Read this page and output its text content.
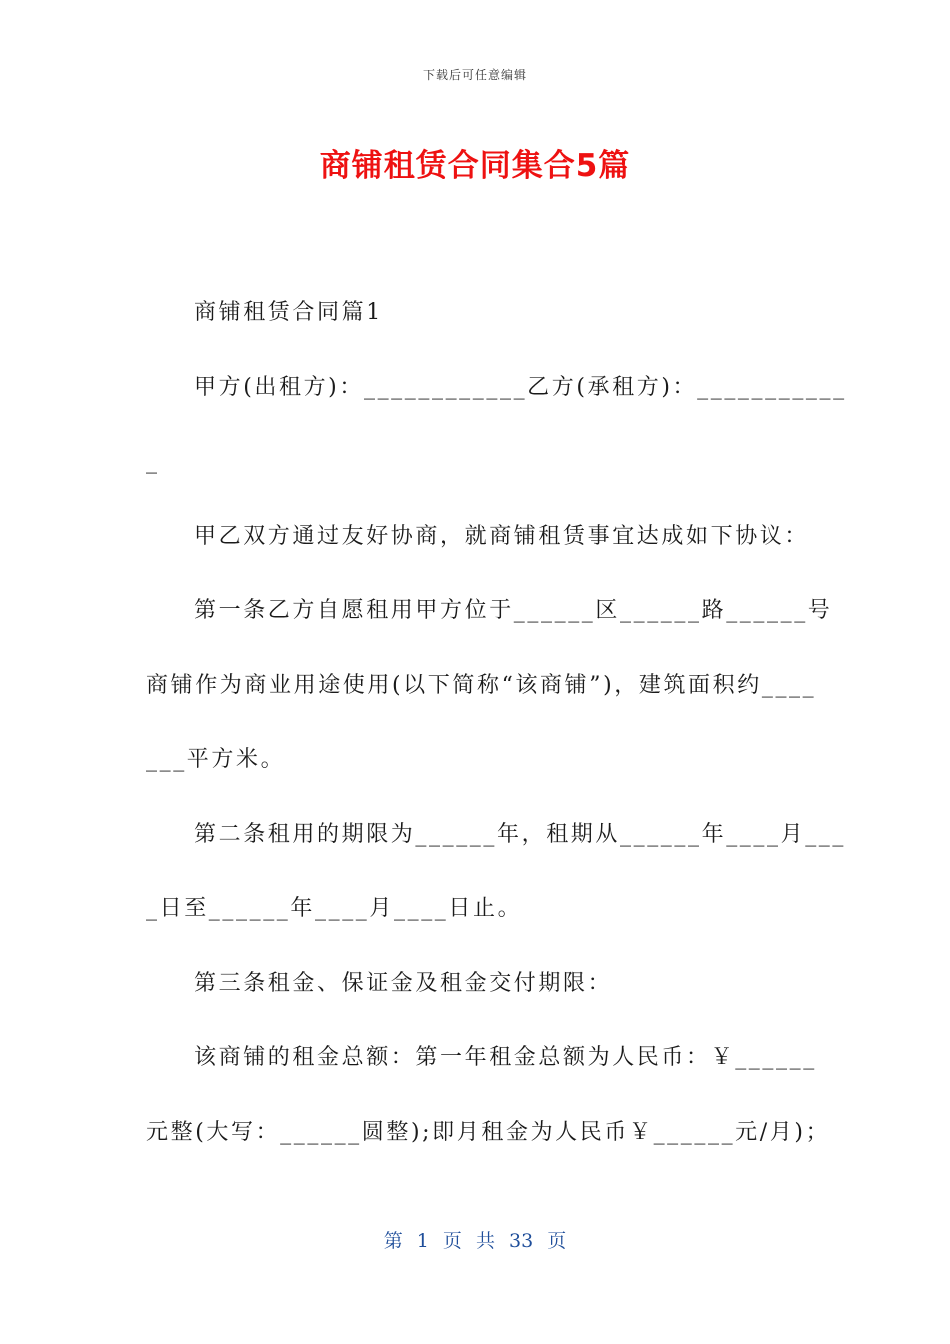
下载后可任意编辑
商铺租赁合同集合5篇

商铺租赁合同篇1

甲方(出租方)：____________乙方(承租方)：___________

_

甲乙双方通过友好协商，就商铺租赁事宜达成如下协议：

第一条乙方自愿租用甲方位于______区______路______号

商铺作为商业用途使用(以下简称“该商铺”)，建筑面积约____

___平方米。

第二条租用的期限为______年，租期从______年____月___

_日至______年____月____日止。

第三条租金、保证金及租金交付期限：

该商铺的租金总额：第一年租金总额为人民币：￥______

元整(大写：______圆整);即月租金为人民币￥______元/月)；

第 1 页 共 33 页
